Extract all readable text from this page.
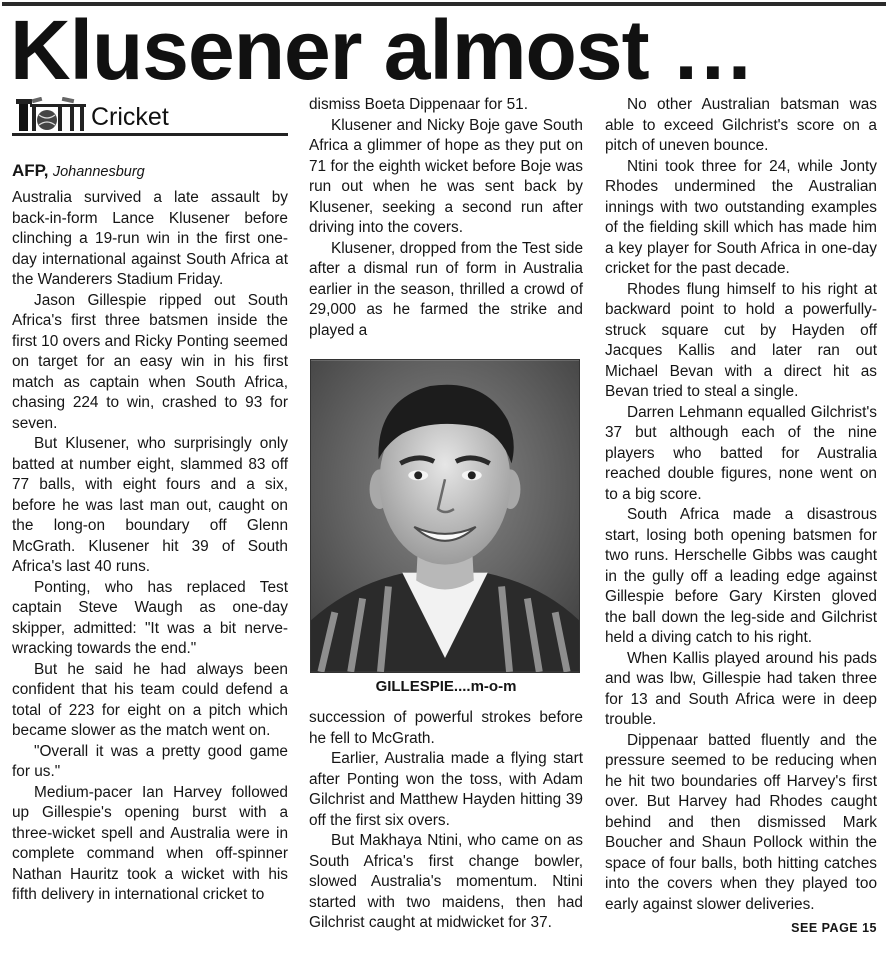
Klusener almost …
Cricket
AFP, Johannesburg

Australia survived a late assault by back-in-form Lance Klusener before clinching a 19-run win in the first one-day international against South Africa at the Wanderers Stadium Friday.

Jason Gillespie ripped out South Africa's first three batsmen inside the first 10 overs and Ricky Ponting seemed on target for an easy win in his first match as captain when South Africa, chasing 224 to win, crashed to 93 for seven.

But Klusener, who surprisingly only batted at number eight, slammed 83 off 77 balls, with eight fours and a six, before he was last man out, caught on the long-on boundary off Glenn McGrath. Klusener hit 39 of South Africa's last 40 runs.

Ponting, who has replaced Test captain Steve Waugh as one-day skipper, admitted: "It was a bit nerve-wracking towards the end."

But he said he had always been confident that his team could defend a total of 223 for eight on a pitch which became slower as the match went on.

"Overall it was a pretty good game for us."

Medium-pacer Ian Harvey followed up Gillespie's opening burst with a three-wicket spell and Australia were in complete command when off-spinner Nathan Hauritz took a wicket with his fifth delivery in international cricket to

dismiss Boeta Dippenaar for 51.

Klusener and Nicky Boje gave South Africa a glimmer of hope as they put on 71 for the eighth wicket before Boje was run out when he was sent back by Klusener, seeking a second run after driving into the covers.

Klusener, dropped from the Test side after a dismal run of form in Australia earlier in the season, thrilled a crowd of 29,000 as he farmed the strike and played a

GILLESPIE....m-o-m

succession of powerful strokes before he fell to McGrath.

Earlier, Australia made a flying start after Ponting won the toss, with Adam Gilchrist and Matthew Hayden hitting 39 off the first six overs.

But Makhaya Ntini, who came on as South Africa's first change bowler, slowed Australia's momentum. Ntini started with two maidens, then had Gilchrist caught at midwicket for 37.

No other Australian batsman was able to exceed Gilchrist's score on a pitch of uneven bounce.

Ntini took three for 24, while Jonty Rhodes undermined the Australian innings with two outstanding examples of the fielding skill which has made him a key player for South Africa in one-day cricket for the past decade.

Rhodes flung himself to his right at backward point to hold a powerfully-struck square cut by Hayden off Jacques Kallis and later ran out Michael Bevan with a direct hit as Bevan tried to steal a single.

Darren Lehmann equalled Gilchrist's 37 but although each of the nine players who batted for Australia reached double figures, none went on to a big score.

South Africa made a disastrous start, losing both opening batsmen for two runs. Herschelle Gibbs was caught in the gully off a leading edge against Gillespie before Gary Kirsten gloved the ball down the leg-side and Gilchrist held a diving catch to his right.

When Kallis played around his pads and was lbw, Gillespie had taken three for 13 and South Africa were in deep trouble.

Dippenaar batted fluently and the pressure seemed to be reducing when he hit two boundaries off Harvey's first over. But Harvey had Rhodes caught behind and then dismissed Mark Boucher and Shaun Pollock within the space of four balls, both hitting catches into the covers when they played too early against slower deliveries.

SEE PAGE 15
